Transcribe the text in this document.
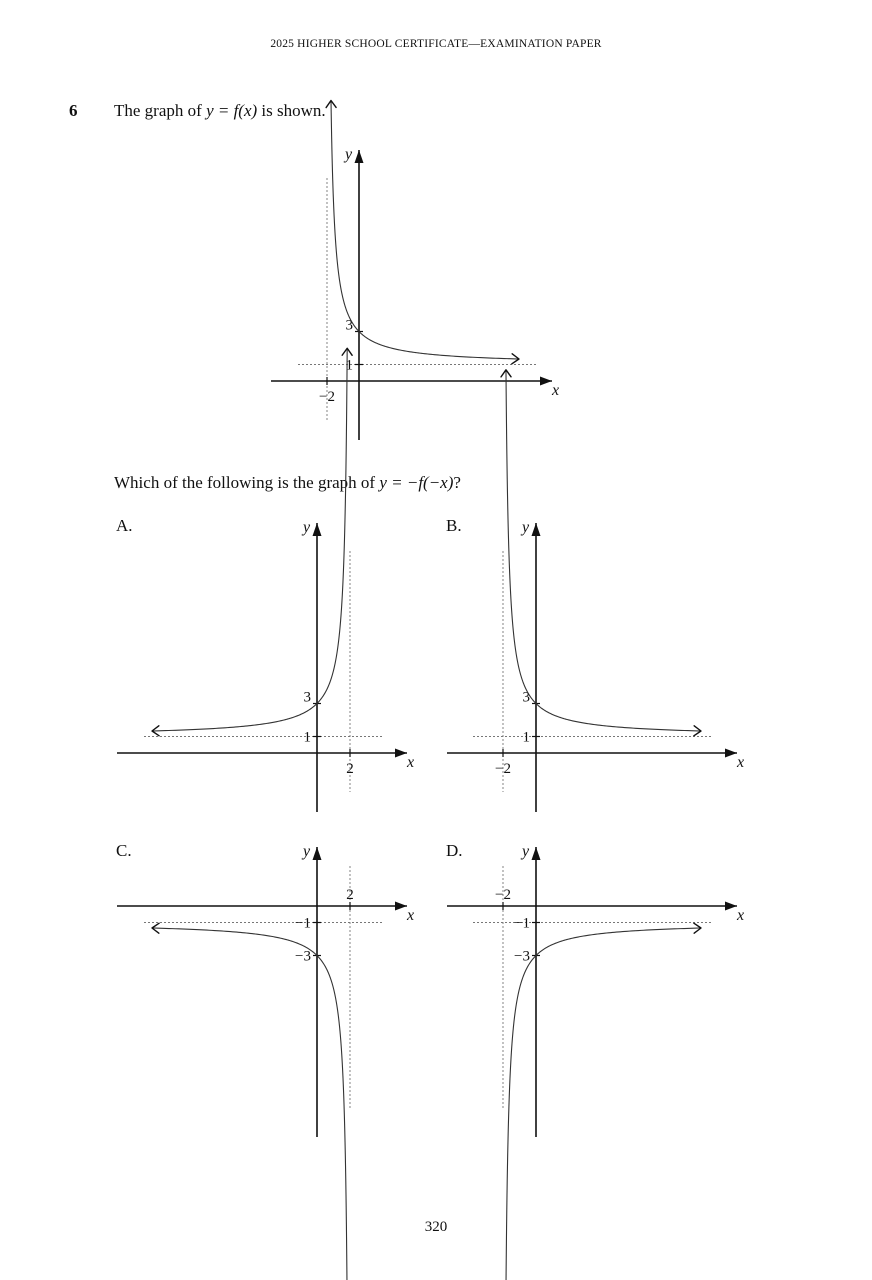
2025 HIGHER SCHOOL CERTIFICATE—EXAMINATION PAPER
6 The graph of y = f(x) is shown.
Which of the following is the graph of y = −f(−x)?
A.	B.
C.	D.
x
y
1
3
−2
x
y
1
3
2	x
y
1
3
−2
x
y
−1
−3
2
x
y
−1
−3
−2
320
